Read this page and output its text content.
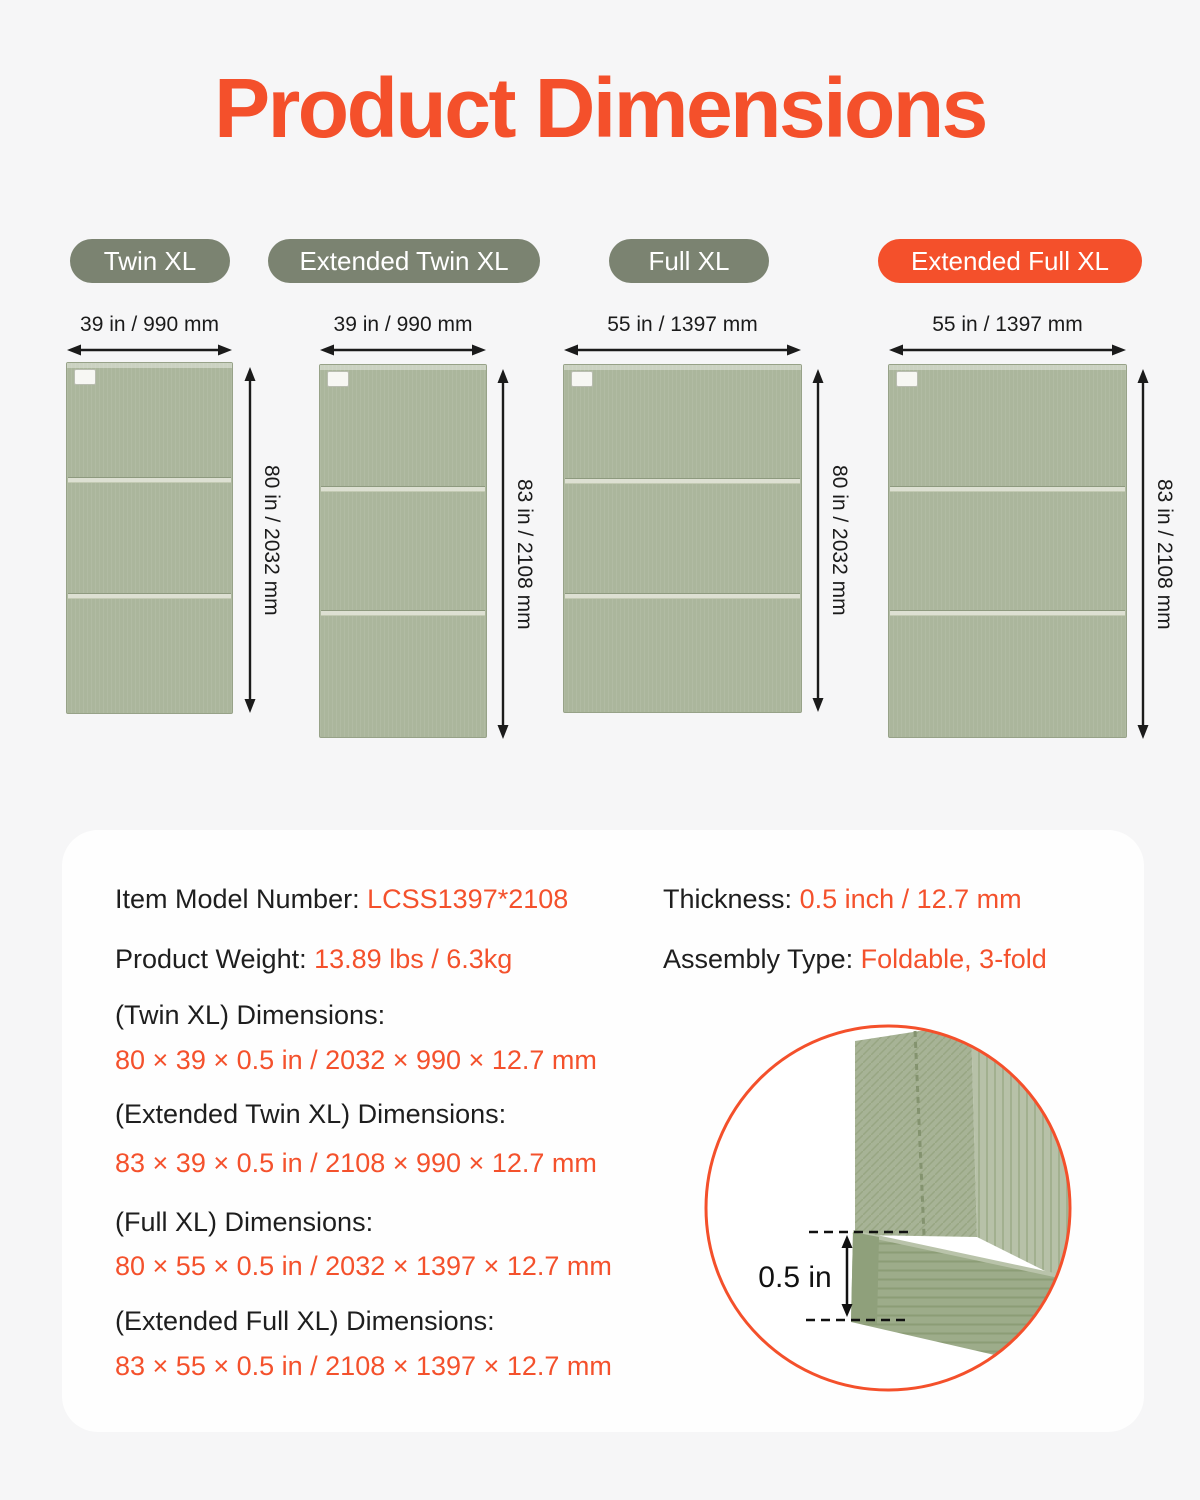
Product Dimensions
Twin XL
39 in / 990 mm
80 in / 2032 mm
Extended Twin XL
39 in / 990 mm
83 in / 2108 mm
Full XL
55 in / 1397 mm
80 in / 2032 mm
Extended Full XL
55 in / 1397 mm
83 in / 2108 mm
Item Model Number: LCSS1397*2108	Thickness: 0.5 inch / 12.7 mm
Product Weight: 13.89 lbs / 6.3kg	Assembly Type: Foldable, 3-fold
(Twin XL) Dimensions:
80 × 39 × 0.5 in / 2032 × 990 × 12.7 mm
(Extended Twin XL) Dimensions:
83 × 39 × 0.5 in / 2108 × 990 × 12.7 mm
(Full XL) Dimensions:
80 × 55 × 0.5 in / 2032 × 1397 × 12.7 mm
(Extended Full XL) Dimensions:
83 × 55 × 0.5 in / 2108 × 1397 × 12.7 mm
0.5 in
